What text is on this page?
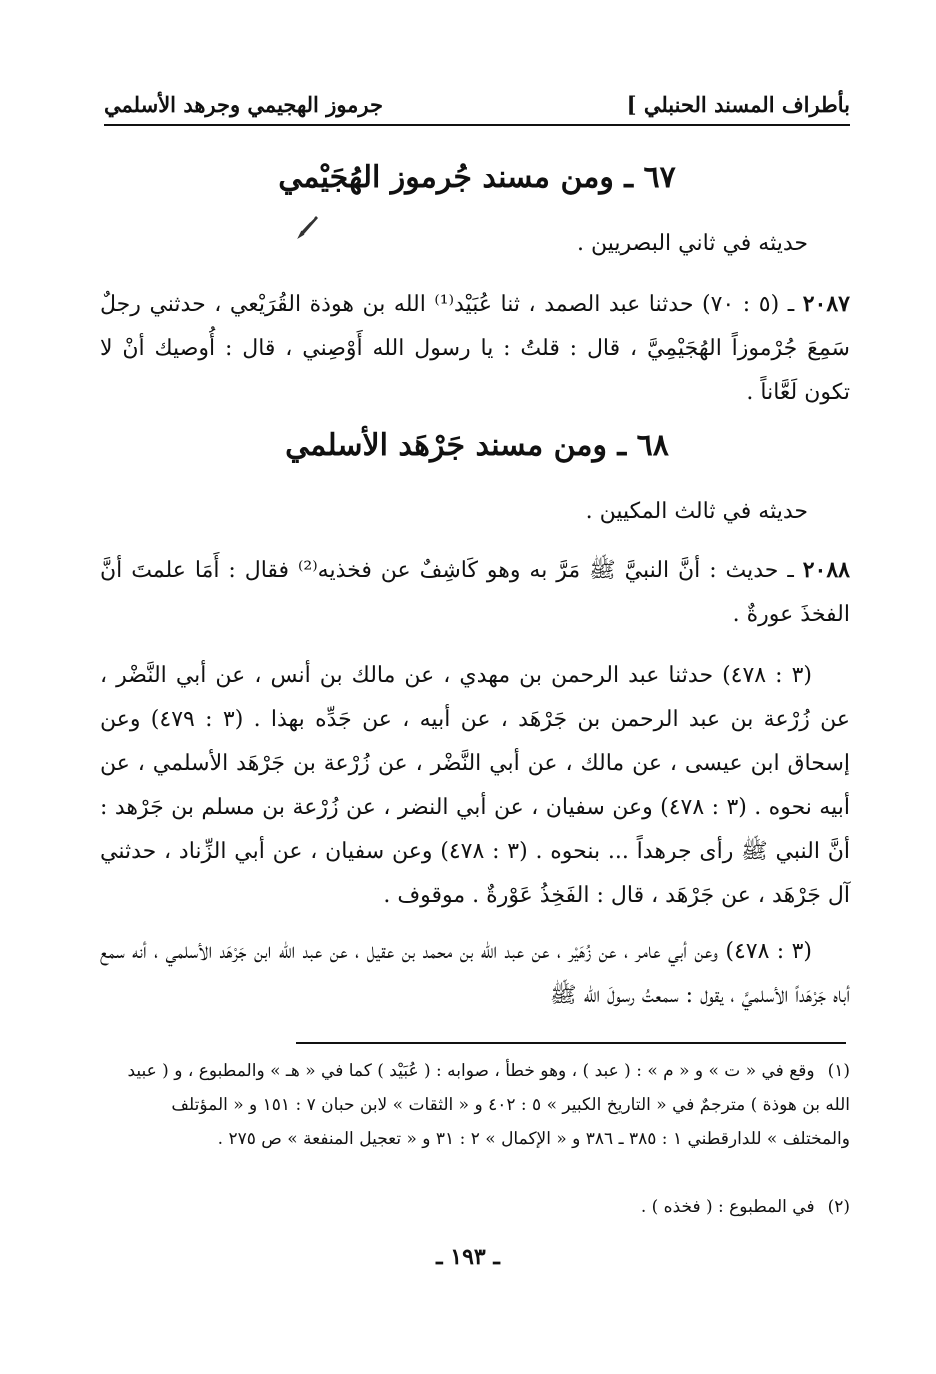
بأطراف المسند الحنبلي ]
جرموز الهجيمي وجرهد الأسلمي
٦٧ ـ ومن مسند جُرموز الهُجَيْمي
حديثه في ثاني البصريين .
٢٠٨٧ ـ (٥ : ٧٠) حدثنا عبد الصمد ، ثنا عُبَيْد⁽¹⁾ الله بن هوذة القُرَيْعي ، حدثني رجلٌ سَمِعَ جُرْموزاً الهُجَيْمِيَّ ، قال : قلتُ : يا رسول الله أَوْصِني ، قال : أُوصيك أنْ لا تكون لَعَّاناً .
٦٨ ـ ومن مسند جَرْهَد الأسلمي
حديثه في ثالث المكيين .
٢٠٨٨ ـ حديث : أنَّ النبيَّ ﷺ مَرَّ به وهو كَاشِفٌ عن فخذيه⁽²⁾ فقال : أَمَا علمتَ أنَّ الفخذَ عورةٌ .
(٣ : ٤٧٨) حدثنا عبد الرحمن بن مهدي ، عن مالك بن أنس ، عن أبي النَّضْر ، عن زُرْعة بن عبد الرحمن بن جَرْهَد ، عن أبيه ، عن جَدِّه بهذا . (٣ : ٤٧٩) وعن إسحاق ابن عيسى ، عن مالك ، عن أبي النَّضْر ، عن زُرْعة بن جَرْهَد الأسلمي ، عن أبيه نحوه . (٣ : ٤٧٨) وعن سفيان ، عن أبي النضر ، عن زُرْعة بن مسلم بن جَرْهد : أنَّ النبي ﷺ رأى جرهداً ... بنحوه . (٣ : ٤٧٨) وعن سفيان ، عن أبي الزِّناد ، حدثني آل جَرْهَد ، عن جَرْهَد ، قال : الفَخِذُ عَوْرةٌ . موقوف .
(٣ : ٤٧٨) وعن أبي عامر ، عن زُهَيْر ، عن عبد الله بن محمد بن عقيل ، عن عبد الله ابن جَرْهَد الأسلمي ، أنه سمع أباه جَرْهَداً الأسلميَّ ، يقول : سمعتُ رسولَ الله ﷺ
(١) وقع في « ت » و « م » : ( عبد ) ، وهو خطأ ، صوابه : ( عُبَيْد ) كما في « هـ » والمطبوع ، و ( عبيد الله بن هوذة ) مترجمٌ في « التاريخ الكبير » ٥ : ٤٠٢ و « الثقات » لابن حبان ٧ : ١٥١ و « المؤتلف والمختلف » للدارقطني ١ : ٣٨٥ ـ ٣٨٦ و « الإكمال » ٢ : ٣١ و « تعجيل المنفعة » ص ٢٧٥ .
(٢) في المطبوع : ( فخذه ) .
ـ ١٩٣ ـ
